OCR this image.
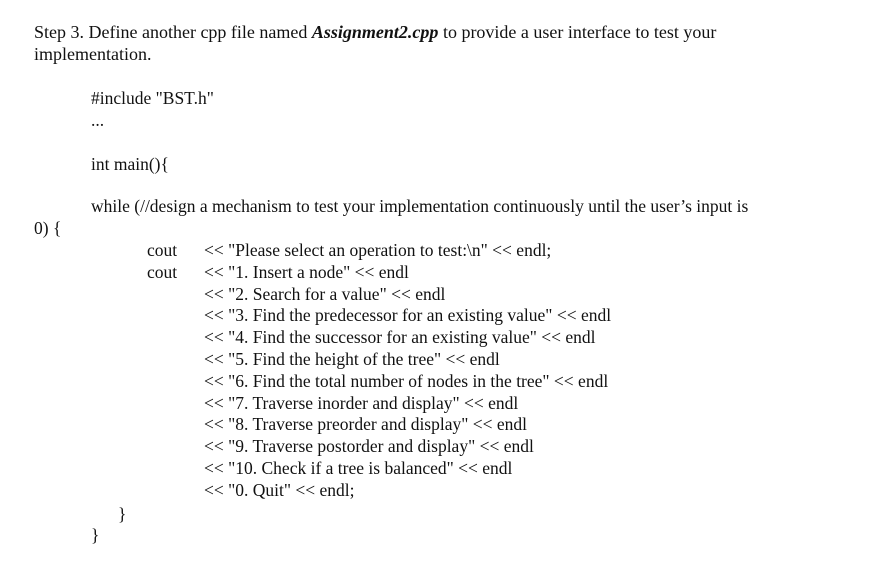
Step 3. Define another cpp file named Assignment2.cpp to provide a user interface to test your
implementation.
#include "BST.h"
...
int main(){
while (//design a mechanism to test your implementation continuously until the user’s input is
0) {
cout << "Please select an operation to test:\n" << endl;
cout << "1. Insert a node" << endl
<< "2. Search for a value" << endl
<< "3. Find the predecessor for an existing value" << endl
<< "4. Find the successor for an existing value" << endl
<< "5. Find the height of the tree" << endl
<< "6. Find the total number of nodes in the tree" << endl
<< "7. Traverse inorder and display" << endl
<< "8. Traverse preorder and display" << endl
<< "9. Traverse postorder and display" << endl
<< "10. Check if a tree is balanced" << endl
<< "0. Quit" << endl;
}
}
